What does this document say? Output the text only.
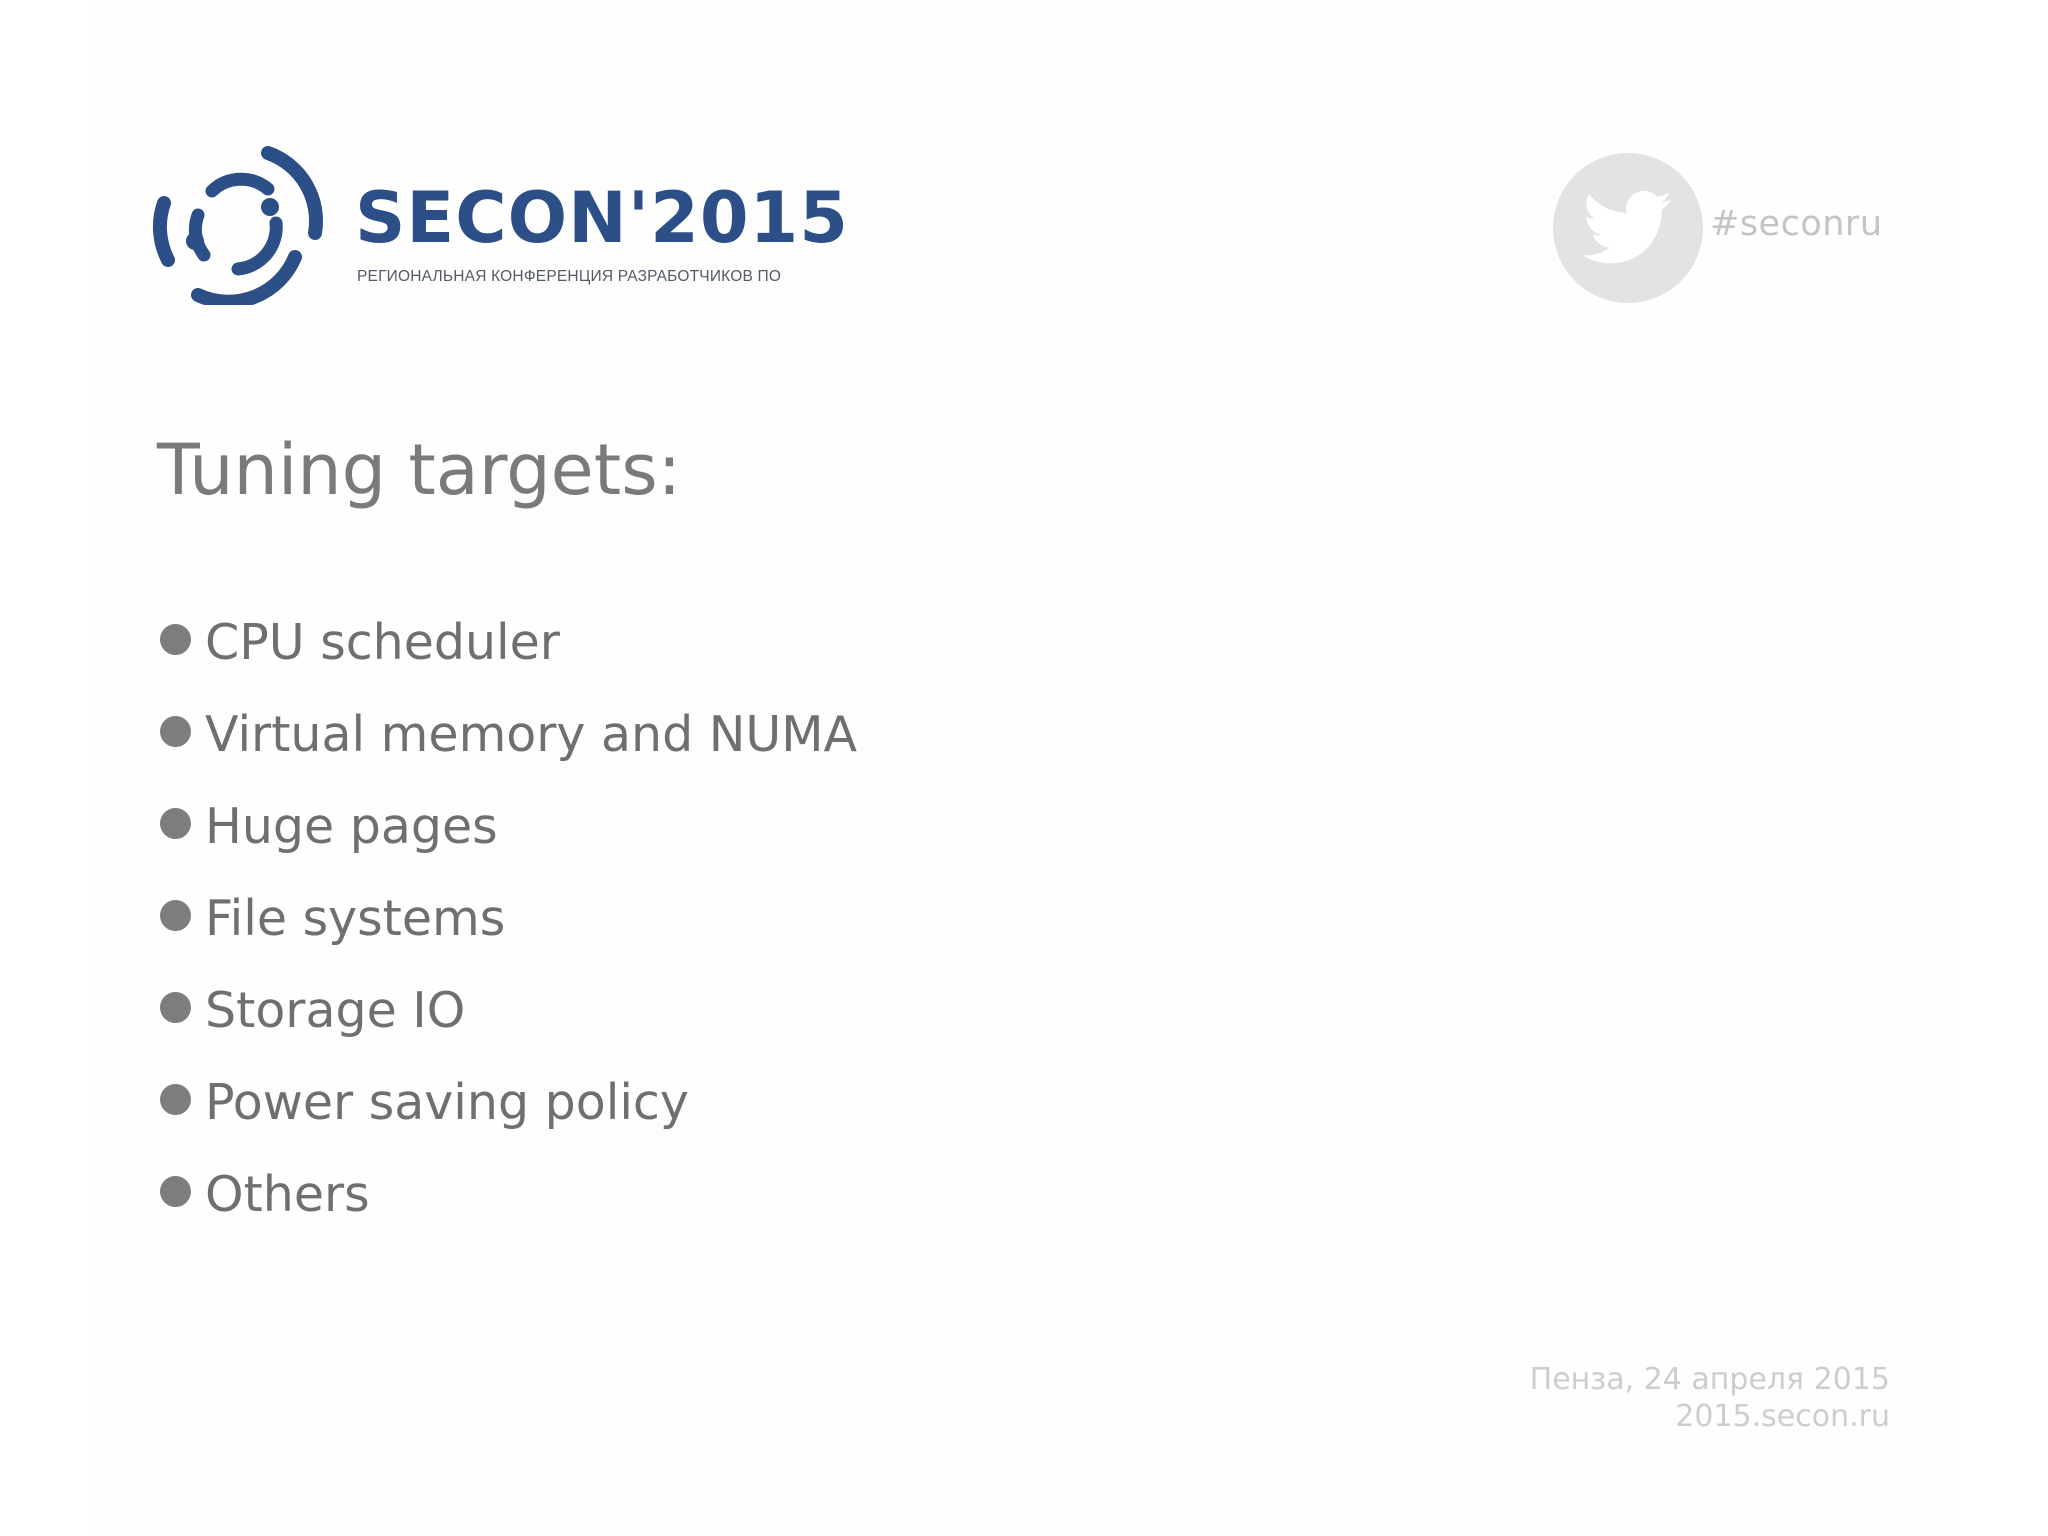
SECON'2015
РЕГИОНАЛЬНАЯ КОНФЕРЕНЦИЯ РАЗРАБОТЧИКОВ ПО
#seconru
Tuning targets:
CPU scheduler
Virtual memory and NUMA
Huge pages
File systems
Storage IO
Power saving policy
Others
Пенза, 24 апреля 2015
2015.secon.ru
